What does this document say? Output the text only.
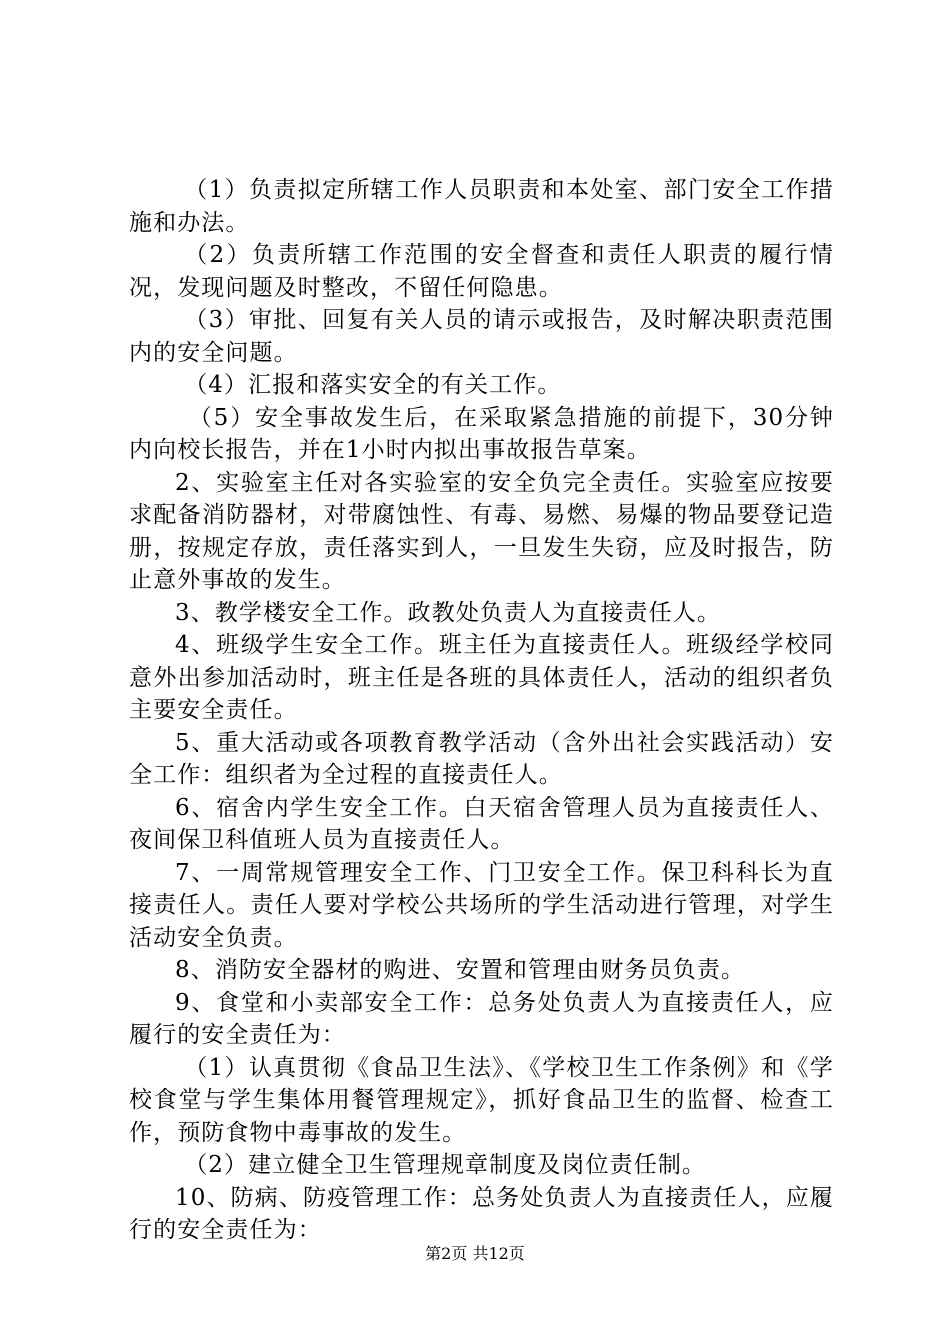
（1）负责拟定所辖工作人员职责和本处室、部门安全工作措施和办法。

（2）负责所辖工作范围的安全督查和责任人职责的履行情况，发现问题及时整改，不留任何隐患。

（3）审批、回复有关人员的请示或报告，及时解决职责范围内的安全问题。

（4）汇报和落实安全的有关工作。

（5）安全事故发生后，在采取紧急措施的前提下，30分钟内向校长报告，并在1小时内拟出事故报告草案。

2、实验室主任对各实验室的安全负完全责任。实验室应按要求配备消防器材，对带腐蚀性、有毒、易燃、易爆的物品要登记造册，按规定存放，责任落实到人，一旦发生失窃，应及时报告，防止意外事故的发生。

3、教学楼安全工作。政教处负责人为直接责任人。

4、班级学生安全工作。班主任为直接责任人。班级经学校同意外出参加活动时，班主任是各班的具体责任人，活动的组织者负主要安全责任。

5、重大活动或各项教育教学活动（含外出社会实践活动）安全工作：组织者为全过程的直接责任人。

6、宿舍内学生安全工作。白天宿舍管理人员为直接责任人、夜间保卫科值班人员为直接责任人。

7、一周常规管理安全工作、门卫安全工作。保卫科科长为直接责任人。责任人要对学校公共场所的学生活动进行管理，对学生活动安全负责。

8、消防安全器材的购进、安置和管理由财务员负责。

9、食堂和小卖部安全工作：总务处负责人为直接责任人，应履行的安全责任为：

（1）认真贯彻《食品卫生法》、《学校卫生工作条例》和《学校食堂与学生集体用餐管理规定》，抓好食品卫生的监督、检查工作，预防食物中毒事故的发生。

（2）建立健全卫生管理规章制度及岗位责任制。

10、防病、防疫管理工作：总务处负责人为直接责任人，应履行的安全责任为：

第2页 共12页
